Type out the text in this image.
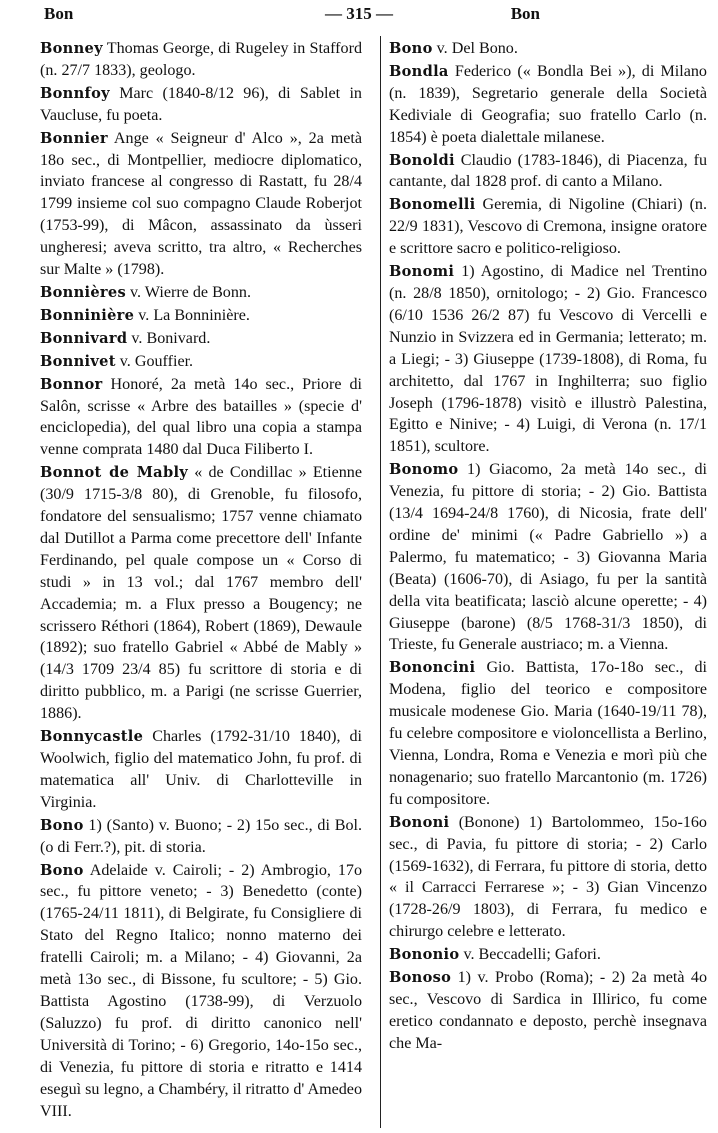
Bon	— 315 —	Bon

Bonney Thomas George, di Rugeley in Stafford (n. 27/7 1833), geologo.

Bonnfoy Marc (1840-8/12 96), di Sablet in Vaucluse, fu poeta.

Bonnier Ange « Seigneur d' Alco », 2a metà 18o sec., di Montpellier, mediocre diplomatico, inviato francese al congresso di Rastatt, fu 28/4 1799 insieme col suo compagno Claude Roberjot (1753-99), di Mâcon, assassinato da ùsseri ungheresi; aveva scritto, tra altro, « Recherches sur Malte » (1798).

Bonnières v. Wierre de Bonn.

Bonninière v. La Bonninière.

Bonnivard v. Bonivard.

Bonnivet v. Gouffier.

Bonnor Honoré, 2a metà 14o sec., Priore di Salôn, scrisse « Arbre des batailles » (specie d' enciclopedia), del qual libro una copia a stampa venne comprata 1480 dal Duca Filiberto I.

Bonnot de Mably « de Condillac » Etienne (30/9 1715-3/8 80), di Grenoble, fu filosofo, fondatore del sensualismo; 1757 venne chiamato dal Dutillot a Parma come precettore dell' Infante Ferdinando, pel quale compose un « Corso di studi » in 13 vol.; dal 1767 membro dell' Accademia; m. a Flux presso a Bougency; ne scrissero Réthori (1864), Robert (1869), Dewaule (1892); suo fratello Gabriel « Abbé de Mably » (14/3 1709 23/4 85) fu scrittore di storia e di diritto pubblico, m. a Parigi (ne scrisse Guerrier, 1886).

Bonnycastle Charles (1792-31/10 1840), di Woolwich, figlio del matematico John, fu prof. di matematica all' Univ. di Charlotteville in Virginia.

Bono 1) (Santo) v. Buono; - 2) 15o sec., di Bol. (o di Ferr.?), pit. di storia.

Bono Adelaide v. Cairoli; - 2) Ambrogio, 17o sec., fu pittore veneto; - 3) Benedetto (conte) (1765-24/11 1811), di Belgirate, fu Consigliere di Stato del Regno Italico; nonno materno dei fratelli Cairoli; m. a Milano; - 4) Giovanni, 2a metà 13o sec., di Bissone, fu scultore; - 5) Gio. Battista Agostino (1738-99), di Verzuolo (Saluzzo) fu prof. di diritto canonico nell' Università di Torino; - 6) Gregorio, 14o-15o sec., di Venezia, fu pittore di storia e ritratto e 1414 eseguì su legno, a Chambéry, il ritratto d' Amedeo VIII.

Bono v. Del Bono.

Bondla Federico (« Bondla Bei »), di Milano (n. 1839), Segretario generale della Società Kediviale di Geografia; suo fratello Carlo (n. 1854) è poeta dialettale milanese.

Bonoldi Claudio (1783-1846), di Piacenza, fu cantante, dal 1828 prof. di canto a Milano.

Bonomelli Geremia, di Nigoline (Chiari) (n. 22/9 1831), Vescovo di Cremona, insigne oratore e scrittore sacro e politico-religioso.

Bonomi 1) Agostino, di Madice nel Trentino (n. 28/8 1850), ornitologo; - 2) Gio. Francesco (6/10 1536 26/2 87) fu Vescovo di Vercelli e Nunzio in Svizzera ed in Germania; letterato; m. a Liegi; - 3) Giuseppe (1739-1808), di Roma, fu architetto, dal 1767 in Inghilterra; suo figlio Joseph (1796-1878) visitò e illustrò Palestina, Egitto e Ninive; - 4) Luigi, di Verona (n. 17/1 1851), scultore.

Bonomo 1) Giacomo, 2a metà 14o sec., di Venezia, fu pittore di storia; - 2) Gio. Battista (13/4 1694-24/8 1760), di Nicosia, frate dell' ordine de' minimi (« Padre Gabriello ») a Palermo, fu matematico; - 3) Giovanna Maria (Beata) (1606-70), di Asiago, fu per la santità della vita beatificata; lasciò alcune operette; - 4) Giuseppe (barone) (8/5 1768-31/3 1850), di Trieste, fu Generale austriaco; m. a Vienna.

Bononcini Gio. Battista, 17o-18o sec., di Modena, figlio del teorico e compositore musicale modenese Gio. Maria (1640-19/11 78), fu celebre compositore e violoncellista a Berlino, Vienna, Londra, Roma e Venezia e morì più che nonagenario; suo fratello Marcantonio (m. 1726) fu compositore.

Bononi (Bonone) 1) Bartolommeo, 15o-16o sec., di Pavia, fu pittore di storia; - 2) Carlo (1569-1632), di Ferrara, fu pittore di storia, detto « il Carracci Ferrarese »; - 3) Gian Vincenzo (1728-26/9 1803), di Ferrara, fu medico e chirurgo celebre e letterato.

Bononio v. Beccadelli; Gafori.

Bonoso 1) v. Probo (Roma); - 2) 2a metà 4o sec., Vescovo di Sardica in Illirico, fu come eretico condannato e deposto, perchè insegnava che Ma-
